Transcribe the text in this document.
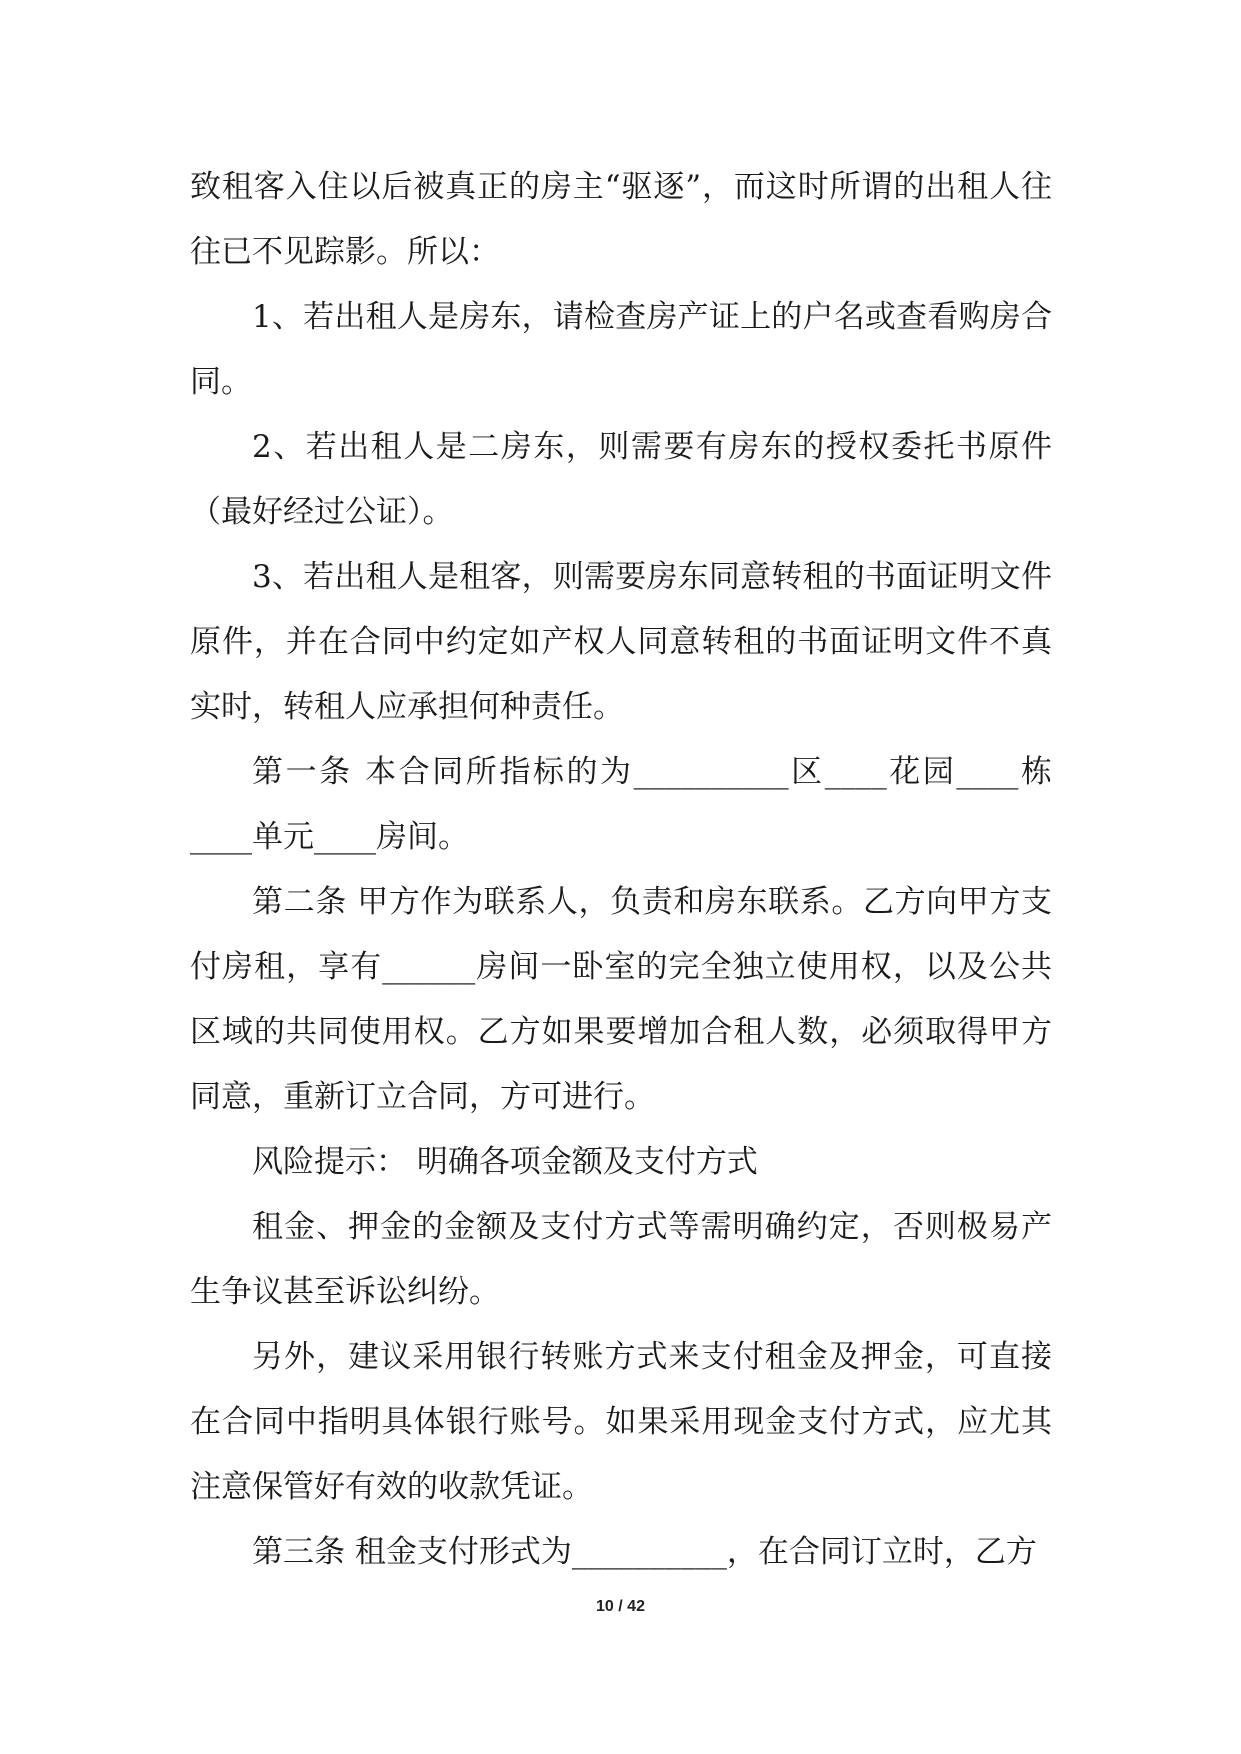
致租客入住以后被真正的房主“驱逐”，而这时所谓的出租人往往已不见踪影。所以：

1、若出租人是房东，请检查房产证上的户名或查看购房合同。

2、若出租人是二房东，则需要有房东的授权委托书原件（最好经过公证）。

3、若出租人是租客，则需要房东同意转租的书面证明文件原件，并在合同中约定如产权人同意转租的书面证明文件不真实时，转租人应承担何种责任。

第一条 本合同所指标的为__________区____花园____栋____单元____房间。

第二条 甲方作为联系人，负责和房东联系。乙方向甲方支付房租，享有______房间一卧室的完全独立使用权，以及公共区域的共同使用权。乙方如果要增加合租人数，必须取得甲方同意，重新订立合同，方可进行。

风险提示： 明确各项金额及支付方式

租金、押金的金额及支付方式等需明确约定，否则极易产生争议甚至诉讼纠纷。

另外，建议采用银行转账方式来支付租金及押金，可直接在合同中指明具体银行账号。如果采用现金支付方式，应尤其注意保管好有效的收款凭证。

第三条 租金支付形式为__________，在合同订立时，乙方

10 / 42
